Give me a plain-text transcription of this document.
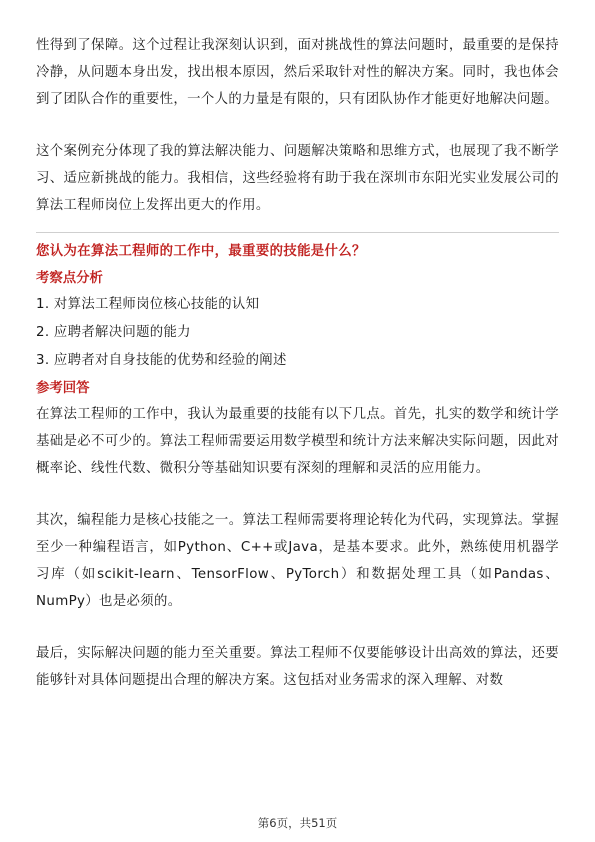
性得到了保障。这个过程让我深刻认识到，面对挑战性的算法问题时，最重要的是保持冷静，从问题本身出发，找出根本原因，然后采取针对性的解决方案。同时，我也体会到了团队合作的重要性，一个人的力量是有限的，只有团队协作才能更好地解决问题。

这个案例充分体现了我的算法解决能力、问题解决策略和思维方式，也展现了我不断学习、适应新挑战的能力。我相信，这些经验将有助于我在深圳市东阳光实业发展公司的算法工程师岗位上发挥出更大的作用。

您认为在算法工程师的工作中，最重要的技能是什么？

考察点分析

1. 对算法工程师岗位核心技能的认知

2. 应聘者解决问题的能力

3. 应聘者对自身技能的优势和经验的阐述

参考回答

在算法工程师的工作中，我认为最重要的技能有以下几点。首先，扎实的数学和统计学基础是必不可少的。算法工程师需要运用数学模型和统计方法来解决实际问题，因此对概率论、线性代数、微积分等基础知识要有深刻的理解和灵活的应用能力。

其次，编程能力是核心技能之一。算法工程师需要将理论转化为代码，实现算法。掌握至少一种编程语言，如Python、C++或Java，是基本要求。此外，熟练使用机器学习库（如scikit-learn、TensorFlow、PyTorch）和数据处理工具（如Pandas、NumPy）也是必须的。

最后，实际解决问题的能力至关重要。算法工程师不仅要能够设计出高效的算法，还要能够针对具体问题提出合理的解决方案。这包括对业务需求的深入理解、对数

第6页，共51页
